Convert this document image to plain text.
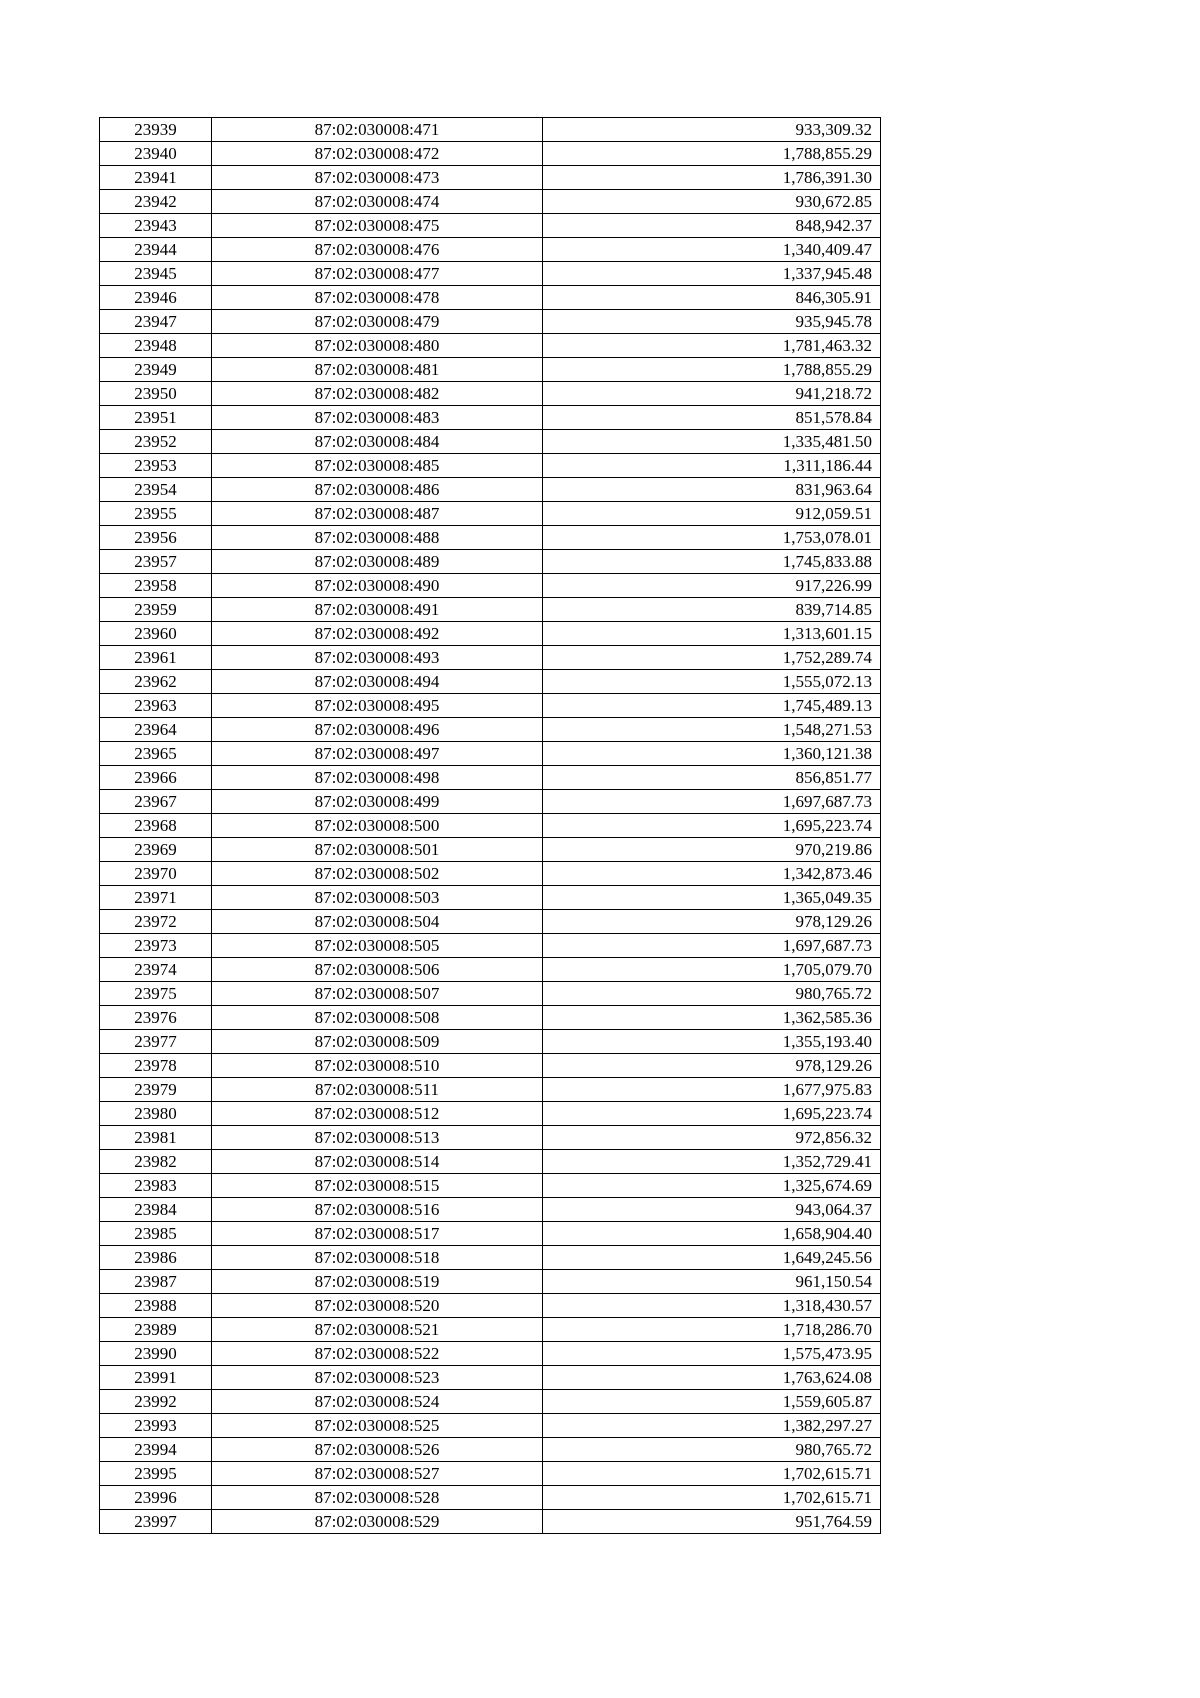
23939	87:02:030008:471	933,309.32
23940	87:02:030008:472	1,788,855.29
23941	87:02:030008:473	1,786,391.30
23942	87:02:030008:474	930,672.85
23943	87:02:030008:475	848,942.37
23944	87:02:030008:476	1,340,409.47
23945	87:02:030008:477	1,337,945.48
23946	87:02:030008:478	846,305.91
23947	87:02:030008:479	935,945.78
23948	87:02:030008:480	1,781,463.32
23949	87:02:030008:481	1,788,855.29
23950	87:02:030008:482	941,218.72
23951	87:02:030008:483	851,578.84
23952	87:02:030008:484	1,335,481.50
23953	87:02:030008:485	1,311,186.44
23954	87:02:030008:486	831,963.64
23955	87:02:030008:487	912,059.51
23956	87:02:030008:488	1,753,078.01
23957	87:02:030008:489	1,745,833.88
23958	87:02:030008:490	917,226.99
23959	87:02:030008:491	839,714.85
23960	87:02:030008:492	1,313,601.15
23961	87:02:030008:493	1,752,289.74
23962	87:02:030008:494	1,555,072.13
23963	87:02:030008:495	1,745,489.13
23964	87:02:030008:496	1,548,271.53
23965	87:02:030008:497	1,360,121.38
23966	87:02:030008:498	856,851.77
23967	87:02:030008:499	1,697,687.73
23968	87:02:030008:500	1,695,223.74
23969	87:02:030008:501	970,219.86
23970	87:02:030008:502	1,342,873.46
23971	87:02:030008:503	1,365,049.35
23972	87:02:030008:504	978,129.26
23973	87:02:030008:505	1,697,687.73
23974	87:02:030008:506	1,705,079.70
23975	87:02:030008:507	980,765.72
23976	87:02:030008:508	1,362,585.36
23977	87:02:030008:509	1,355,193.40
23978	87:02:030008:510	978,129.26
23979	87:02:030008:511	1,677,975.83
23980	87:02:030008:512	1,695,223.74
23981	87:02:030008:513	972,856.32
23982	87:02:030008:514	1,352,729.41
23983	87:02:030008:515	1,325,674.69
23984	87:02:030008:516	943,064.37
23985	87:02:030008:517	1,658,904.40
23986	87:02:030008:518	1,649,245.56
23987	87:02:030008:519	961,150.54
23988	87:02:030008:520	1,318,430.57
23989	87:02:030008:521	1,718,286.70
23990	87:02:030008:522	1,575,473.95
23991	87:02:030008:523	1,763,624.08
23992	87:02:030008:524	1,559,605.87
23993	87:02:030008:525	1,382,297.27
23994	87:02:030008:526	980,765.72
23995	87:02:030008:527	1,702,615.71
23996	87:02:030008:528	1,702,615.71
23997	87:02:030008:529	951,764.59
